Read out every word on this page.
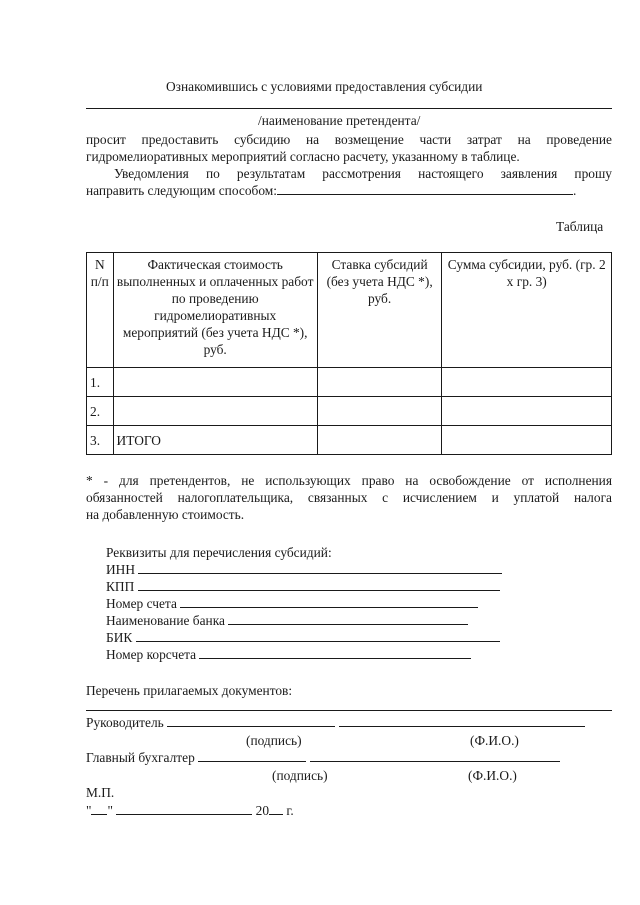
Ознакомившись с условиями предоставления субсидии
/наименование претендента/
просит предоставить субсидию на возмещение части затрат на проведение
гидромелиоративных мероприятий согласно расчету, указанному в таблице.
Уведомления по результатам рассмотрения настоящего заявления прошу
направить следующим способом:	.
Таблица
N п/п	Фактическая стоимость выполненных и оплаченных работ по проведению гидромелиоративных мероприятий (без учета НДС *), руб.	Ставка субсидий (без учета НДС *), руб.	Сумма субсидии, руб. (гр. 2 x гр. 3)
1.			
2.			
3.	ИТОГО		
* - для претендентов, не использующих право на освобождение от исполнения
обязанностей налогоплательщика, связанных с исчислением и уплатой налога
на добавленную стоимость.
Реквизиты для перечисления субсидий:
ИНН
КПП
Номер счета
Наименование банка
БИК
Номер корсчета
Перечень прилагаемых документов:
Руководитель
(подпись)	(Ф.И.О.)
Главный бухгалтер
(подпись)	(Ф.И.О.)
М.П.
" "	20 г.
